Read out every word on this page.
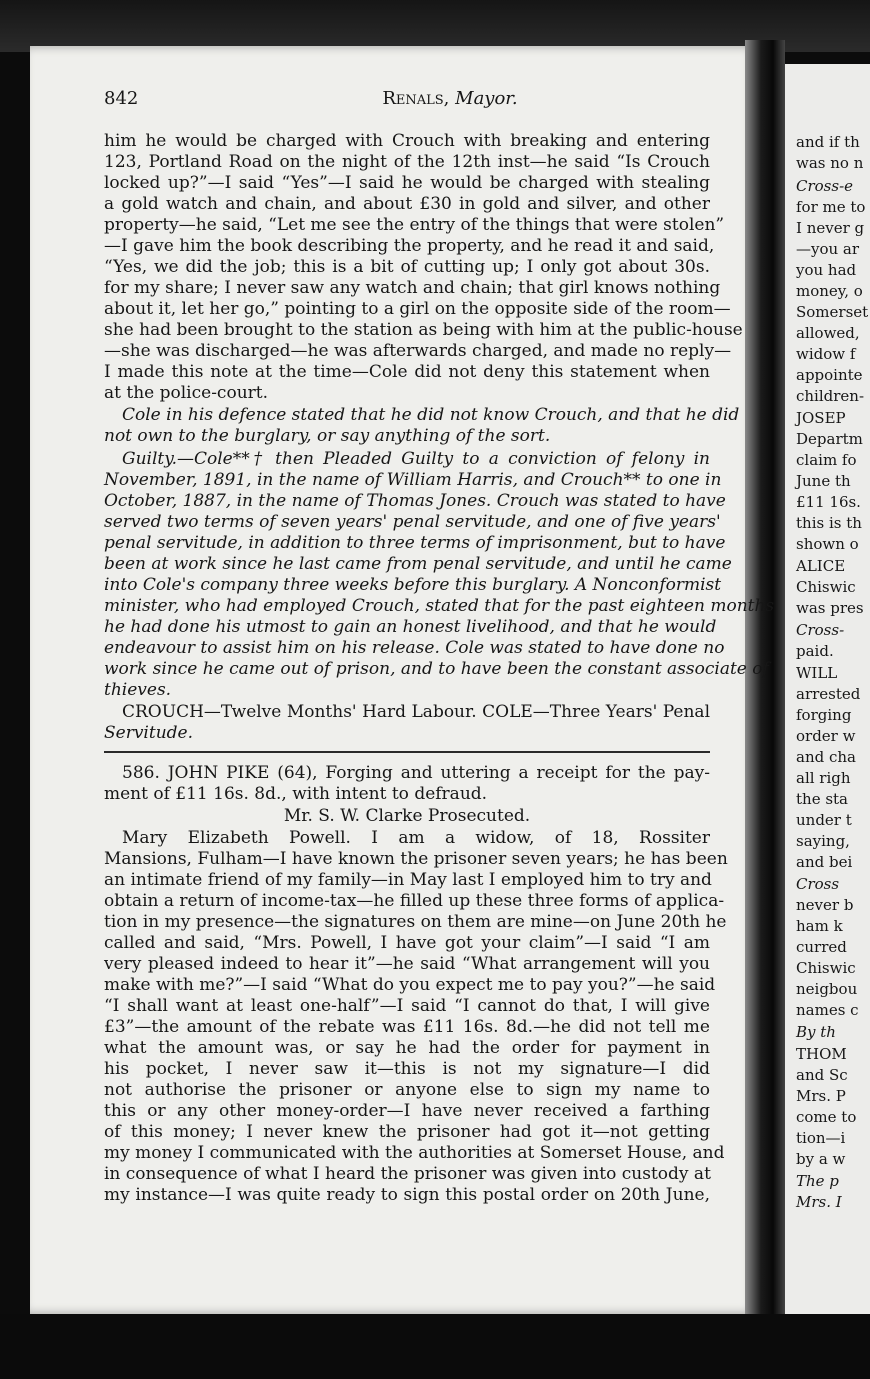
842	Renals, Mayor.
him he would be charged with Crouch with breaking and entering
123, Portland Road on the night of the 12th inst—he said “Is Crouch
locked up?”—I said “Yes”—I said he would be charged with stealing
a gold watch and chain, and about £30 in gold and silver, and other
property—he said, “Let me see the entry of the things that were stolen”
—I gave him the book describing the property, and he read it and said,
“Yes, we did the job; this is a bit of cutting up; I only got about 30s.
for my share; I never saw any watch and chain; that girl knows nothing
about it, let her go,” pointing to a girl on the opposite side of the room—
she had been brought to the station as being with him at the public-house
—she was discharged—he was afterwards charged, and made no reply—
I made this note at the time—Cole did not deny this statement when
at the police-court.
Cole in his defence stated that he did not know Crouch, and that he did
not own to the burglary, or say anything of the sort.
Guilty.—Cole**† then Pleaded Guilty to a conviction of felony in
November, 1891, in the name of William Harris, and Crouch** to one in
October, 1887, in the name of Thomas Jones. Crouch was stated to have
served two terms of seven years' penal servitude, and one of five years'
penal servitude, in addition to three terms of imprisonment, but to have
been at work since he last came from penal servitude, and until he came
into Cole's company three weeks before this burglary. A Nonconformist
minister, who had employed Crouch, stated that for the past eighteen months
he had done his utmost to gain an honest livelihood, and that he would
endeavour to assist him on his release. Cole was stated to have done no
work since he came out of prison, and to have been the constant associate of
thieves.
CROUCH—Twelve Months' Hard Labour. COLE—Three Years' Penal
Servitude.
586. JOHN PIKE (64), Forging and uttering a receipt for the pay-
ment of £11 16s. 8d., with intent to defraud.
Mr. S. W. Clarke Prosecuted.
Mary Elizabeth Powell. I am a widow, of 18, Rossiter
Mansions, Fulham—I have known the prisoner seven years; he has been
an intimate friend of my family—in May last I employed him to try and
obtain a return of income-tax—he filled up these three forms of applica-
tion in my presence—the signatures on them are mine—on June 20th he
called and said, “Mrs. Powell, I have got your claim”—I said “I am
very pleased indeed to hear it”—he said “What arrangement will you
make with me?”—I said “What do you expect me to pay you?”—he said
“I shall want at least one-half”—I said “I cannot do that, I will give
£3”—the amount of the rebate was £11 16s. 8d.—he did not tell me
what the amount was, or say he had the order for payment in
his pocket, I never saw it—this is not my signature—I did
not authorise the prisoner or anyone else to sign my name to
this or any other money-order—I have never received a farthing
of this money; I never knew the prisoner had got it—not getting
my money I communicated with the authorities at Somerset House, and
in consequence of what I heard the prisoner was given into custody at
my instance—I was quite ready to sign this postal order on 20th June,
and if th
was no n
Cross-e
for me to
I never g
—you ar
you had
money, o
Somerset
allowed,
widow f
appointe
children-
JOSEP
Departm
claim fo
June th
£11 16s.
this is th
shown o
ALICE
Chiswic
was pres
Cross-
paid.
WILL
arrested
forging
order w
and cha
all righ
the sta
under t
saying,
and bei
Cross
never b
ham k
curred
Chiswic
neigbou
names c
By th
THOM
and Sc
Mrs. P
come to
tion—i
by a w
The p
Mrs. I
